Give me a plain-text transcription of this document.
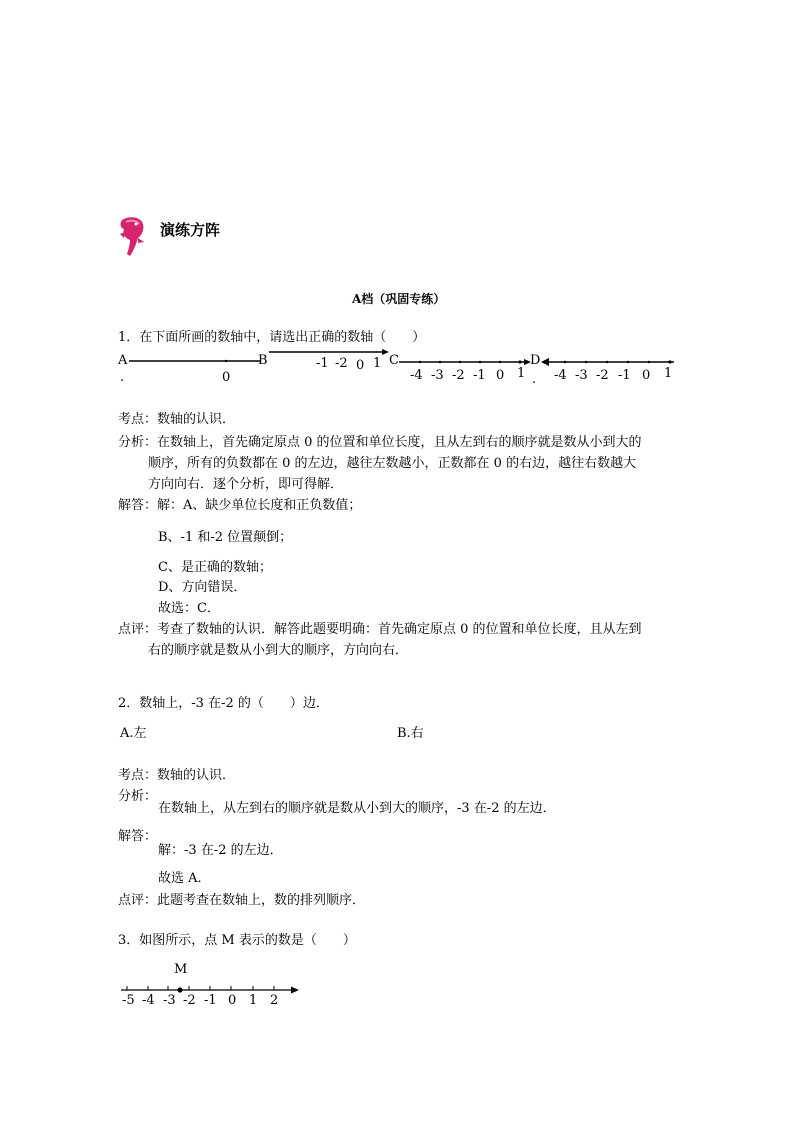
演练方阵
A档（巩固专练）
1．在下面所画的数轴中，请选出正确的数轴（　　）
A
.	0
B	-1 -2 0 1 C
-4 -3 -2 -1 0 1
D
. -4 -3 -2 -1 0 1
考点：数轴的认识．
分析：在数轴上，首先确定原点 0 的位置和单位长度，且从左到右的顺序就是数从小到大的
顺序，所有的负数都在 0 的左边，越往左数越小，正数都在 0 的右边，越往右数越大
方向向右．逐个分析，即可得解．
解答：解：A、缺少单位长度和正负数值；
B、-1 和-2 位置颠倒；
C、是正确的数轴；
D、方向错误．
故选：C．
点评：考查了数轴的认识．解答此题要明确：首先确定原点 0 的位置和单位长度，且从左到
右的顺序就是数从小到大的顺序，方向向右．
2．数轴上，-3 在-2 的（　　）边．
A.左	B.右
考点：数轴的认识．
分析：
在数轴上，从左到右的顺序就是数从小到大的顺序，-3 在-2 的左边．
解答：
解：-3 在-2 的左边．
故选 A．
点评：此题考查在数轴上，数的排列顺序．
3．如图所示，点 M 表示的数是（　　）
M
-5 -4 -3 -2 -1 0 1 2
